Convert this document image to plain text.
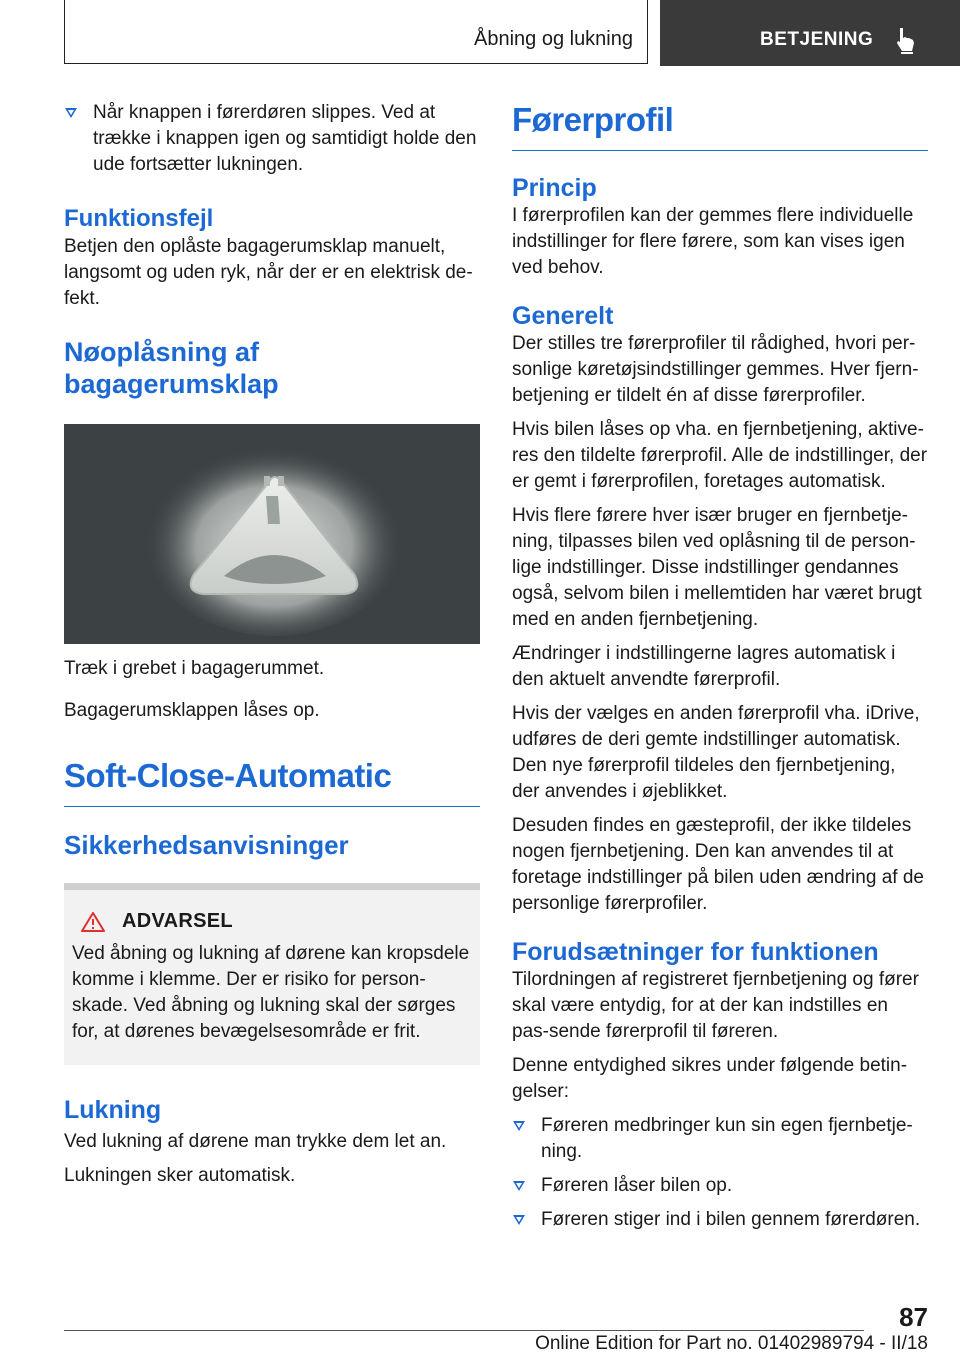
Åbning og lukning	BETJENING

Når knappen i førerdøren slippes. Ved at trække i knappen igen og samtidigt holde den ude fortsætter lukningen.

Funktionsfejl

Betjen den oplåste bagagerumsklap manuelt, langsomt og uden ryk, når der er en elektrisk de-fekt.

Nøoplåsning af bagagerumsklap

Træk i grebet i bagagerummet.

Bagagerumsklappen låses op.

Soft-Close-Automatic
Sikkerhedsanvisninger
ADVARSEL

Ved åbning og lukning af dørene kan kropsdele komme i klemme. Der er risiko for person-skade. Ved åbning og lukning skal der sørges for, at dørenes bevægelsesområde er frit.

Lukning

Ved lukning af dørene man trykke dem let an.

Lukningen sker automatisk.

Førerprofil
Princip

I førerprofilen kan der gemmes flere individuelle indstillinger for flere førere, som kan vises igen ved behov.

Generelt

Der stilles tre førerprofiler til rådighed, hvori per-sonlige køretøjsindstillinger gemmes. Hver fjern-betjening er tildelt én af disse førerprofiler.

Hvis bilen låses op vha. en fjernbetjening, aktive-res den tildelte førerprofil. Alle de indstillinger, der er gemt i førerprofilen, foretages automatisk.

Hvis flere førere hver især bruger en fjernbetje-ning, tilpasses bilen ved oplåsning til de person-lige indstillinger. Disse indstillinger gendannes også, selvom bilen i mellemtiden har været brugt med en anden fjernbetjening.

Ændringer i indstillingerne lagres automatisk i den aktuelt anvendte førerprofil.

Hvis der vælges en anden førerprofil vha. iDrive, udføres de deri gemte indstillinger automatisk. Den nye førerprofil tildeles den fjernbetjening, der anvendes i øjeblikket.

Desuden findes en gæsteprofil, der ikke tildeles nogen fjernbetjening. Den kan anvendes til at foretage indstillinger på bilen uden ændring af de personlige førerprofiler.

Forudsætninger for funktionen

Tilordningen af registreret fjernbetjening og fører skal være entydig, for at der kan indstilles en pas-sende førerprofil til føreren.

Denne entydighed sikres under følgende betin-gelser:

Føreren medbringer kun sin egen fjernbetje-ning.

Føreren låser bilen op.

Føreren stiger ind i bilen gennem førerdøren.

87
Online Edition for Part no. 01402989794 - II/18
